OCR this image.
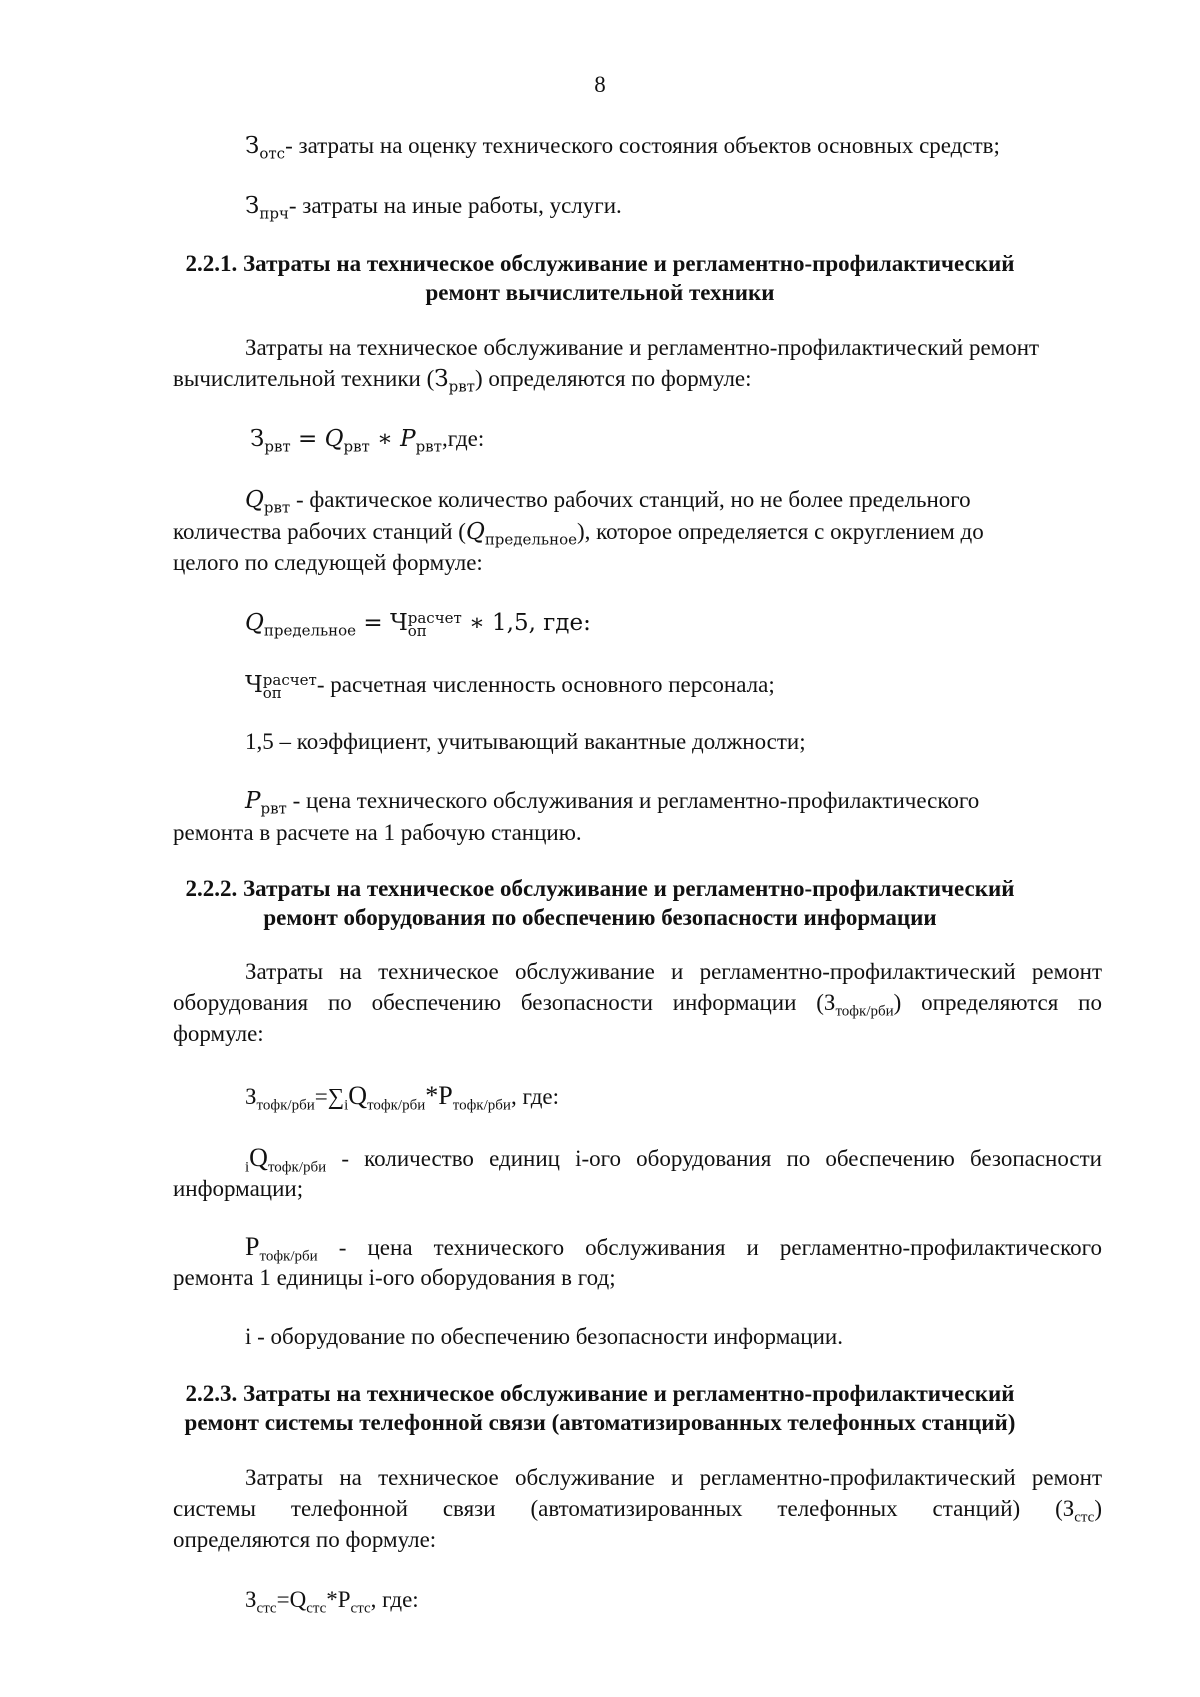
8
$З_{отс}-$ затраты на оценку технического состояния объектов основных средств;
$З_{прч}-$ затраты на иные работы, услуги.
2.2.1. Затраты на техническое обслуживание и регламентно-профилактический
ремонт вычислительной техники
Затраты на техническое обслуживание и регламентно-профилактический ремонт
вычислительной техники $(З_{рвт})$ определяются по формуле:
$З_{рвт} = Q_{рвт}$ ∗ $P_{рвт},где$:
$Q_{рвт}$ - фактическое количество рабочих станций, но не более предельного
количества рабочих станций $(Q_{предельное})$, которое определяется с округлением до
целого по следующей формуле:
$Q_{предельное} = Ч$ расчет
оп	∗ 1,5, где:
Ч расчет
оп	- расчетная численность основного персонала;
1,5 – коэффициент, учитывающий вакантные должности;
$P_{рвт}$ - цена технического обслуживания и регламентно-профилактического
ремонта в расчете на 1 рабочую станцию.
2.2.2. Затраты на техническое обслуживание и регламентно-профилактический
ремонт оборудования по обеспечению безопасности информации
Затраты на техническое обслуживание и регламентно-профилактический ремонт
оборудования по обеспечению безопасности информации $(З_{тофк/рби})$ определяются по
формуле:
$З_{тофк/рби}=\sum_iQ_{тофк/рби}*P_{тофк/рби}$, где:
$_iQ_{тофк/рби}$ - количество единиц i-ого оборудования по обеспечению безопасности
информации;
$P_{тофк/рби}$ - цена технического обслуживания и регламентно-профилактического
ремонта 1 единицы i-ого оборудования в год;
i - оборудование по обеспечению безопасности информации.
2.2.3. Затраты на техническое обслуживание и регламентно-профилактический
ремонт системы телефонной связи (автоматизированных телефонных станций)
Затраты на техническое обслуживание и регламентно-профилактический ремонт
системы телефонной связи (автоматизированных телефонных станций) $(З_{стс})$
определяются по формуле:
$З_{стс}=Q_{стс}*P_{стс}$, где:
